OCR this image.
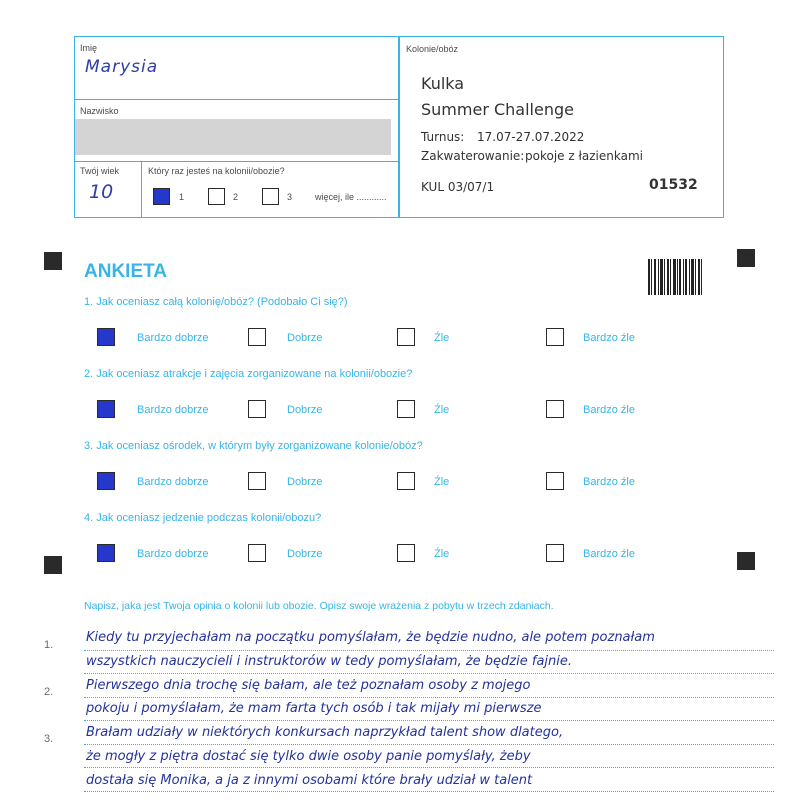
Imię
Marysia
Nazwisko
Twój wiek
10
Który raz jesteś na kolonii/obozie?
1	2	3	więcej, ile ............
Kolonie/obóz
Kulka
Summer Challenge
Turnus: 17.07-27.07.2022
Zakwaterowanie: pokoje z łazienkami
KUL 03/07/1	01532
ANKIETA
1. Jak oceniasz całą kolonię/obóz? (Podobało Ci się?)
Bardzo dobrze	Dobrze	Źle	Bardzo źle
2. Jak oceniasz atrakcje i zajęcia zorganizowane na kolonii/obozie?
Bardzo dobrze	Dobrze	Źle	Bardzo źle
3. Jak oceniasz ośrodek, w którym były zorganizowane kolonie/obóz?
Bardzo dobrze	Dobrze	Źle	Bardzo źle
4. Jak oceniasz jedzenie podczas kolonii/obozu?
Bardzo dobrze	Dobrze	Źle	Bardzo źle
Napisz, jaka jest Twoja opinia o kolonii lub obozie. Opisz swoje wrażenia z pobytu w trzech zdaniach.
1.
2.
3.
Kiedy tu przyjechałam na początku pomyślałam, że będzie nudno, ale potem poznałam
wszystkich nauczycieli i instruktorów w tedy pomyślałam, że będzie fajnie.
Pierwszego dnia trochę się bałam, ale też poznałam osoby z mojego
pokoju i pomyślałam, że mam farta tych osób i tak mijały mi pierwsze
Brałam udziały w niektórych konkursach naprzykład talent show dlatego,
że mogły z piętra dostać się tylko dwie osoby panie pomyślały, żeby
dostała się Monika, a ja z innymi osobami które brały udział w talent
